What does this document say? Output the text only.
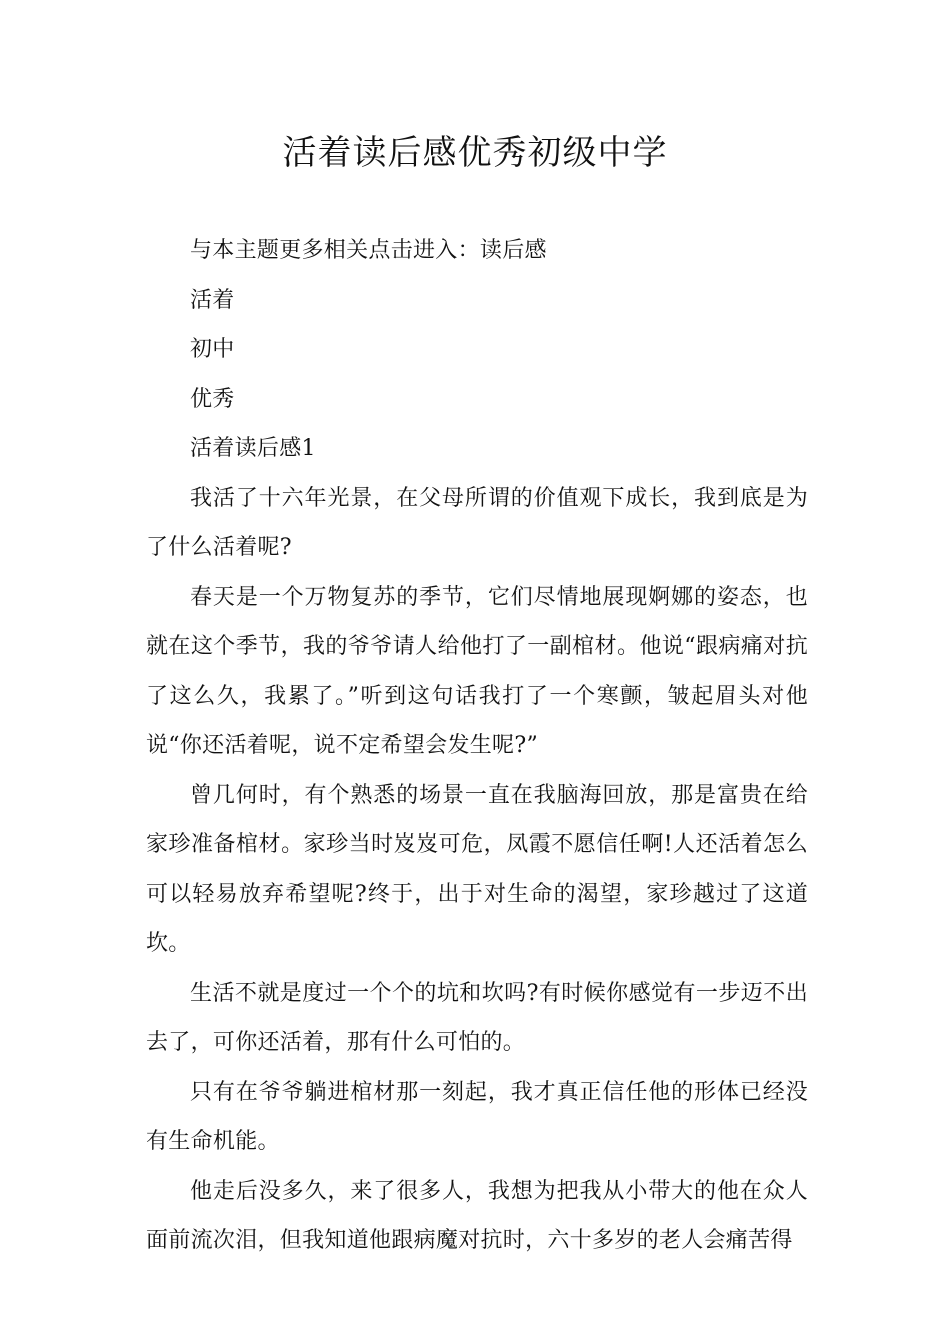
活着读后感优秀初级中学

与本主题更多相关点击进入：读后感

活着

初中

优秀

活着读后感1

我活了十六年光景，在父母所谓的价值观下成长，我到底是为了什么活着呢?

春天是一个万物复苏的季节，它们尽情地展现婀娜的姿态，也就在这个季节，我的爷爷请人给他打了一副棺材。他说“跟病痛对抗了这么久，我累了。”听到这句话我打了一个寒颤，皱起眉头对他说“你还活着呢，说不定希望会发生呢?”

曾几何时，有个熟悉的场景一直在我脑海回放，那是富贵在给家珍准备棺材。家珍当时岌岌可危，凤霞不愿信任啊!人还活着怎么可以轻易放弃希望呢?终于，出于对生命的渴望，家珍越过了这道坎。

生活不就是度过一个个的坑和坎吗?有时候你感觉有一步迈不出去了，可你还活着，那有什么可怕的。

只有在爷爷躺进棺材那一刻起，我才真正信任他的形体已经没有生命机能。

他走后没多久，来了很多人，我想为把我从小带大的他在众人面前流次泪，但我知道他跟病魔对抗时，六十多岁的老人会痛苦得
